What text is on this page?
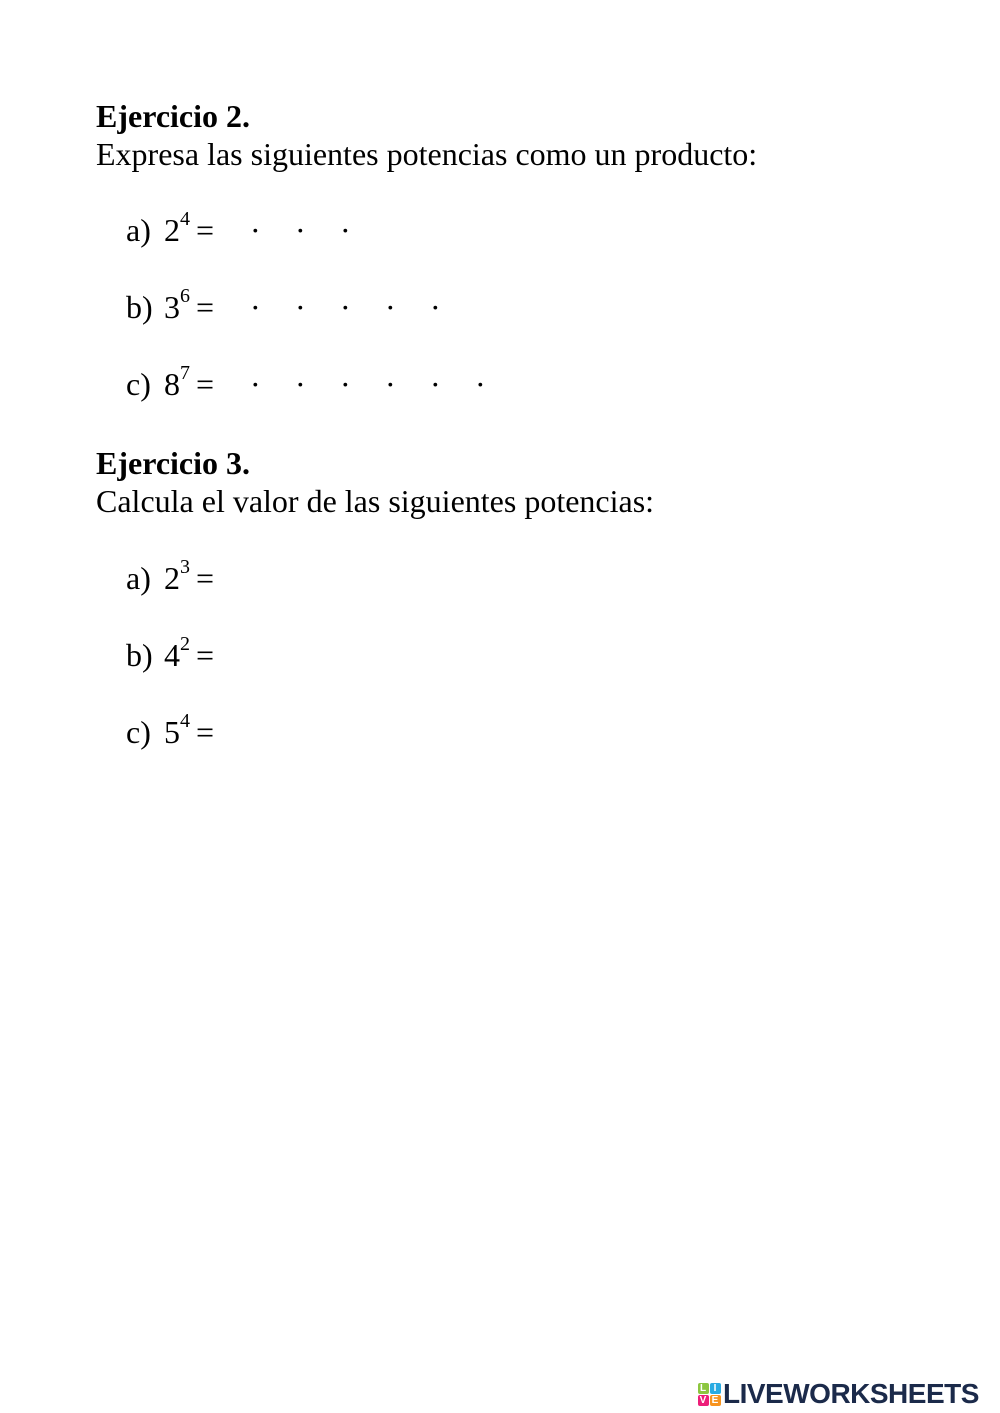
Ejercicio 2.
Expresa las siguientes potencias como un producto:
a) $2^4$ = · · ·
b) $3^6$ = · · · · ·
c) $8^7$ = · · · · · ·
Ejercicio 3.
Calcula el valor de las siguientes potencias:
a) $2^3$ =
b) $4^2$ =
c) $5^4$ =
L I
V E LIVEWORKSHEETS
